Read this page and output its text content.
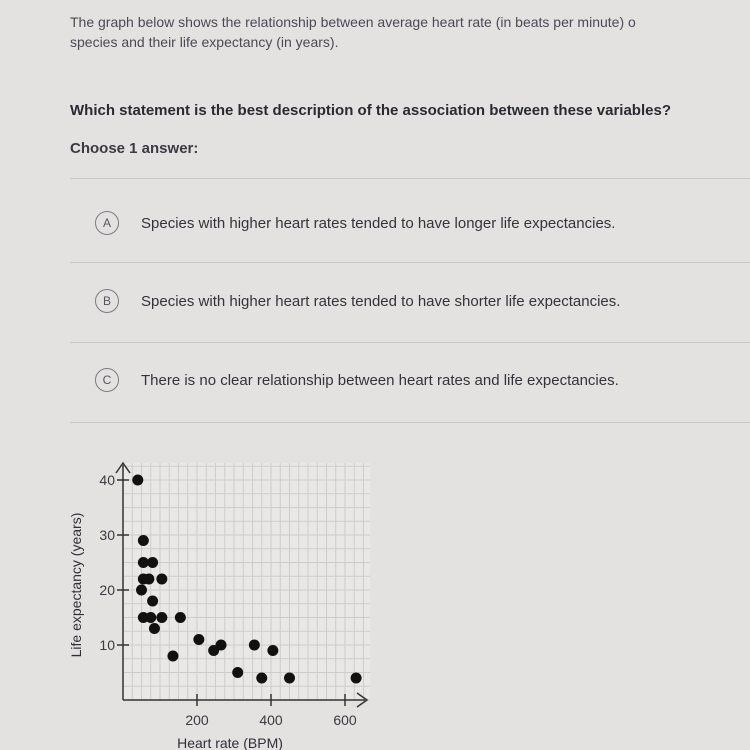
The graph below shows the relationship between average heart rate (in beats per minute) o
species and their life expectancy (in years).
Which statement is the best description of the association between these variables?
Choose 1 answer:
A	Species with higher heart rates tended to have longer life expectancies.
B	Species with higher heart rates tended to have shorter life expectancies.
C	There is no clear relationship between heart rates and life expectancies.
10
20
30
40
200	400	600
Heart rate (BPM)
Life expectancy (years)
